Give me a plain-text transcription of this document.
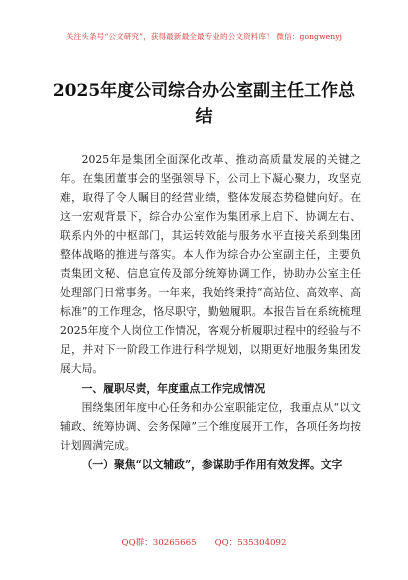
关注头条号“公文研究”，获得最新最全最专业的公文资料库！ 微信：gongwenyj
2025年度公司综合办公室副主任工作总结

2025年是集团全面深化改革、推动高质量发展的关键之年。在集团董事会的坚强领导下，公司上下凝心聚力，攻坚克难，取得了令人瞩目的经营业绩，整体发展态势稳健向好。在这一宏观背景下，综合办公室作为集团承上启下、协调左右、联系内外的中枢部门，其运转效能与服务水平直接关系到集团整体战略的推进与落实。本人作为综合办公室副主任，主要负责集团文秘、信息宣传及部分统筹协调工作，协助办公室主任处理部门日常事务。一年来，我始终秉持“高站位、高效率、高标准”的工作理念，恪尽职守，勤勉履职。本报告旨在系统梳理2025年度个人岗位工作情况，客观分析履职过程中的经验与不足，并对下一阶段工作进行科学规划，以期更好地服务集团发展大局。

一、履职尽责，年度重点工作完成情况

围绕集团年度中心任务和办公室职能定位，我重点从“以文辅政、统筹协调、会务保障”三个维度展开工作，各项任务均按计划圆满完成。

（一）聚焦“以文辅政”，参谋助手作用有效发挥。文字

QQ群：30265665 QQ：535304092
